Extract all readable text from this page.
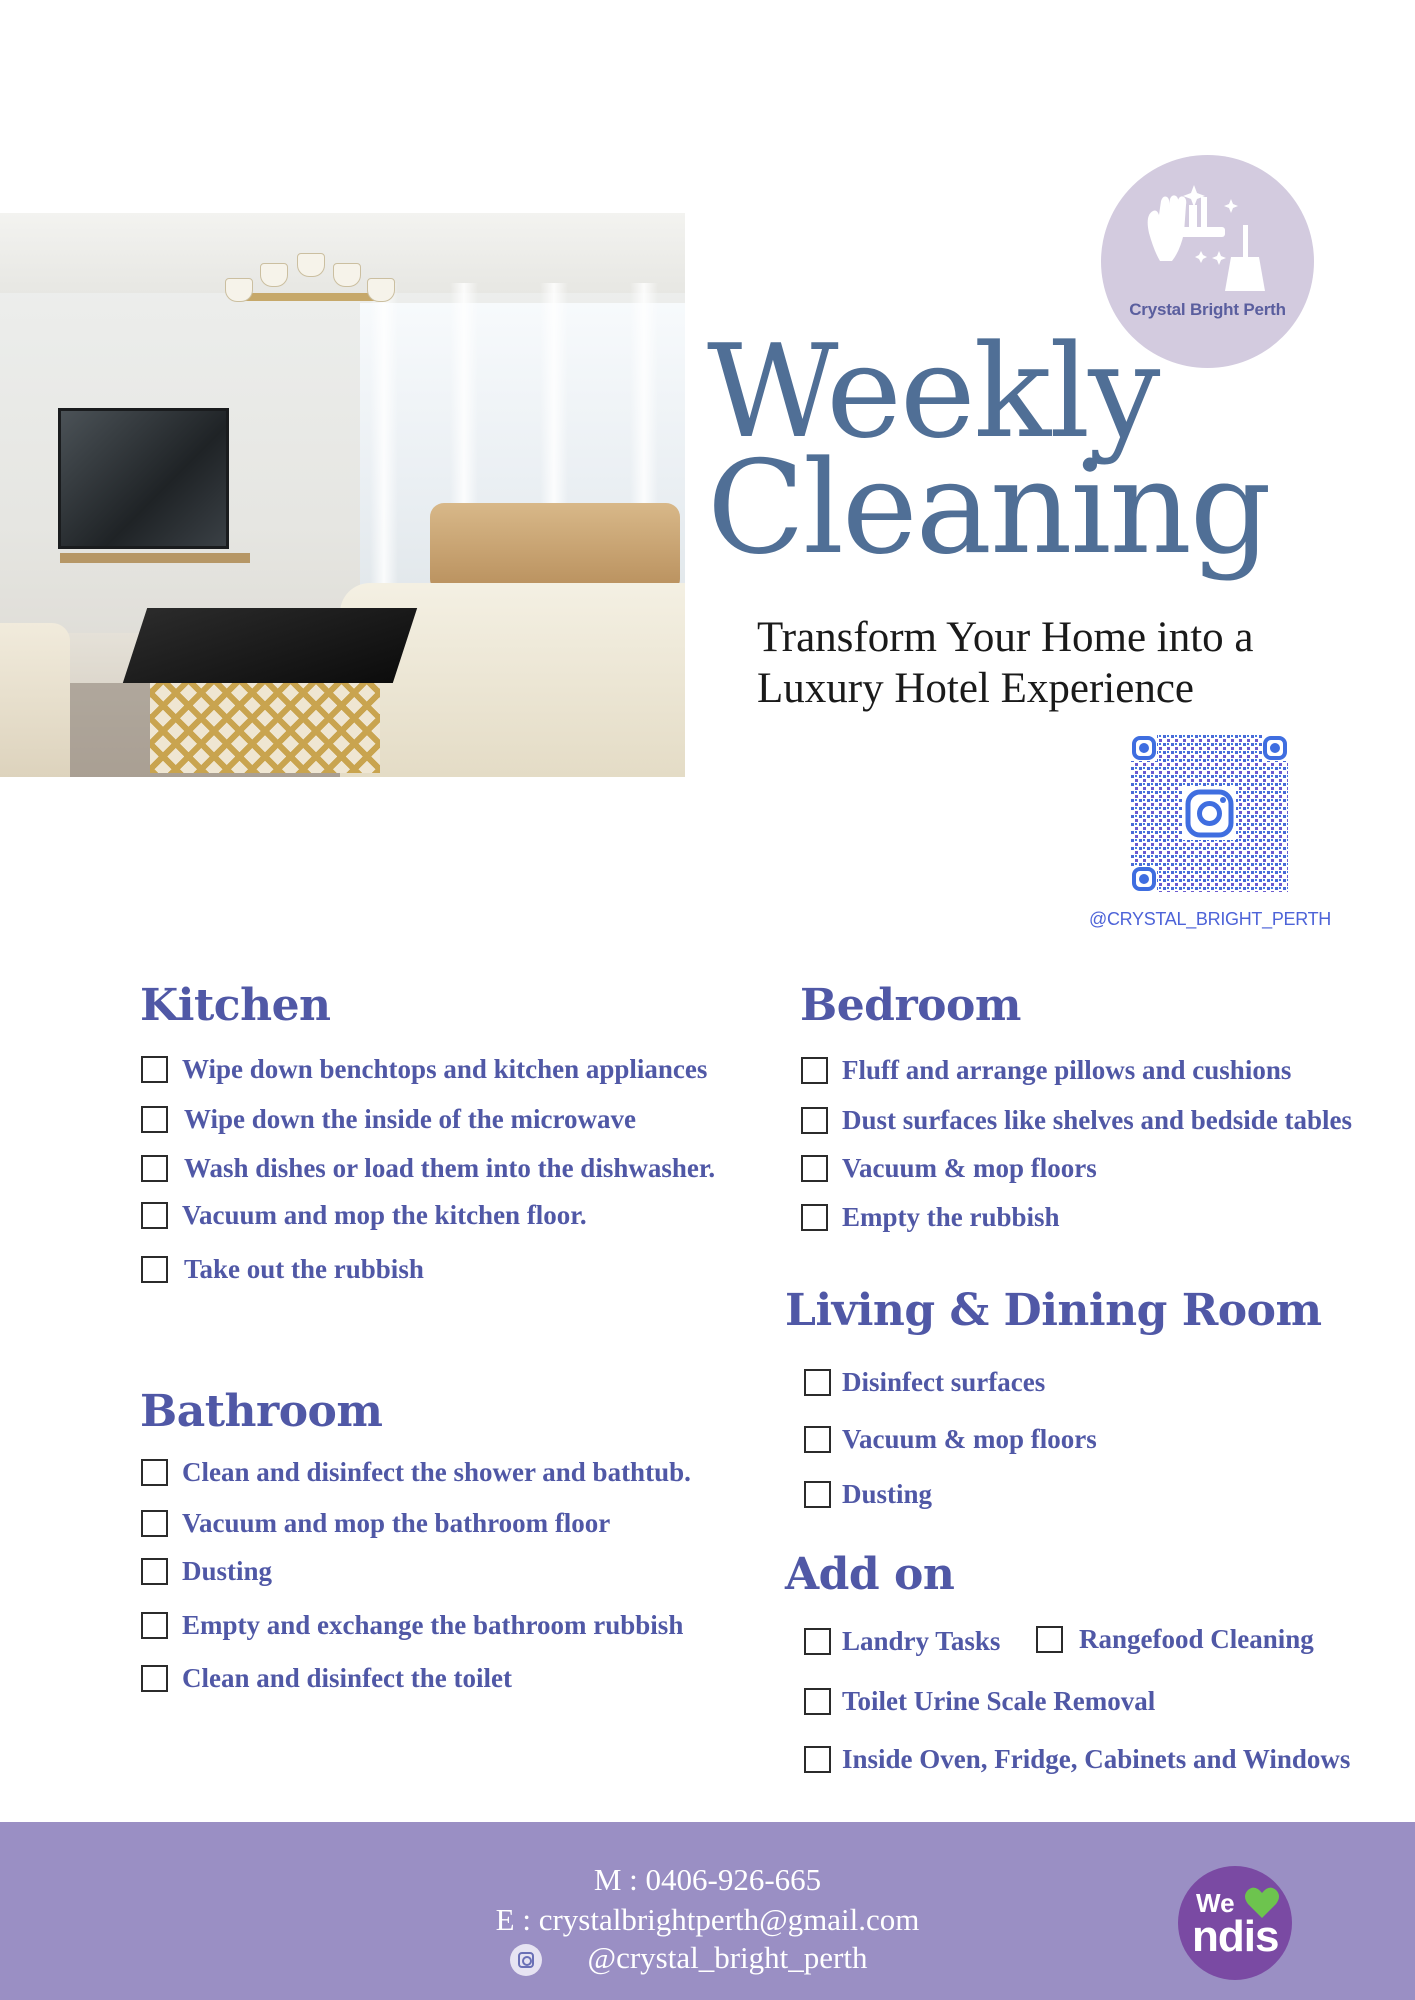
Crystal Bright Perth
Weekly
Cleaning

Transform Your Home into a
Luxury Hotel Experience

@CRYSTAL_BRIGHT_PERTH
Kitchen
Wipe down benchtops and kitchen appliances
Wipe down the inside of the microwave
Wash dishes or load them into the dishwasher.
Vacuum and mop the kitchen floor.
Take out the rubbish
Bathroom
Clean and disinfect the shower and bathtub.
Vacuum and mop the bathroom floor
Dusting
Empty and exchange the bathroom rubbish
Clean and disinfect the toilet
Bedroom
Fluff and arrange pillows and cushions
Dust surfaces like shelves and bedside tables
Vacuum & mop floors
Empty the rubbish
Living & Dining Room
Disinfect surfaces
Vacuum & mop floors
Dusting
Add on
Landry Tasks	Rangefood Cleaning
Toilet Urine Scale Removal
Inside Oven, Fridge, Cabinets and Windows
M : 0406-926-665
E : crystalbrightperth@gmail.com
@crystal_bright_perth
We
ndis
